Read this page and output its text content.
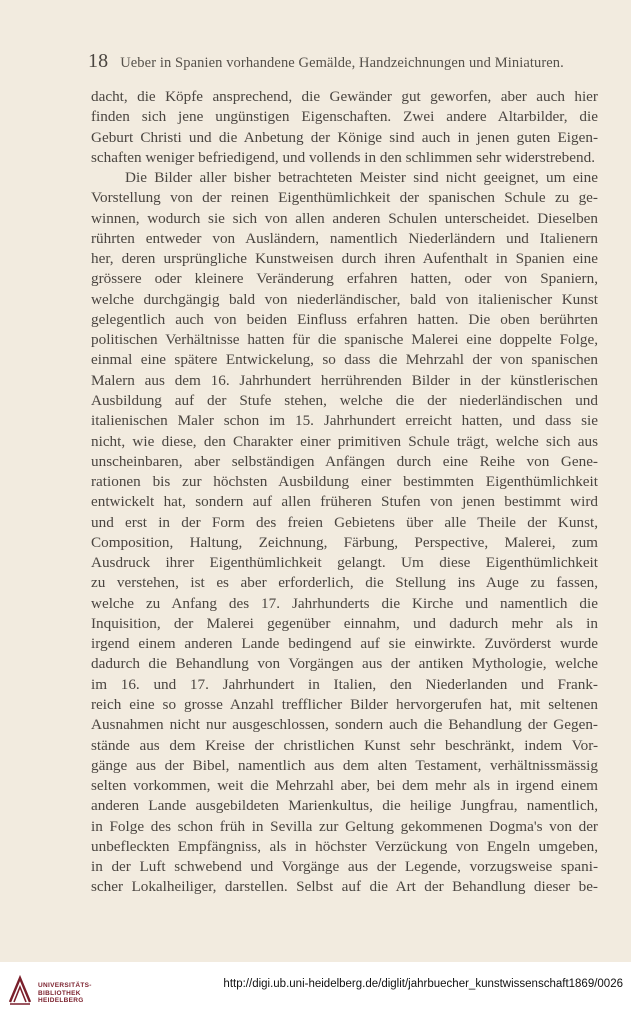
18 Ueber in Spanien vorhandene Gemälde, Handzeichnungen und Miniaturen.
dacht, die Köpfe ansprechend, die Gewänder gut geworfen, aber auch hier
finden sich jene ungünstigen Eigenschaften. Zwei andere Altarbilder, die
Geburt Christi und die Anbetung der Könige sind auch in jenen guten Eigen-
schaften weniger befriedigend, und vollends in den schlimmen sehr widerstrebend.
Die Bilder aller bisher betrachteten Meister sind nicht geeignet, um eine
Vorstellung von der reinen Eigenthümlichkeit der spanischen Schule zu ge-
winnen, wodurch sie sich von allen anderen Schulen unterscheidet. Dieselben
rührten entweder von Ausländern, namentlich Niederländern und Italienern
her, deren ursprüngliche Kunstweisen durch ihren Aufenthalt in Spanien eine
grössere oder kleinere Veränderung erfahren hatten, oder von Spaniern,
welche durchgängig bald von niederländischer, bald von italienischer Kunst
gelegentlich auch von beiden Einfluss erfahren hatten. Die oben berührten
politischen Verhältnisse hatten für die spanische Malerei eine doppelte Folge,
einmal eine spätere Entwickelung, so dass die Mehrzahl der von spanischen
Malern aus dem 16. Jahrhundert herrührenden Bilder in der künstlerischen
Ausbildung auf der Stufe stehen, welche die der niederländischen und
italienischen Maler schon im 15. Jahrhundert erreicht hatten, und dass sie
nicht, wie diese, den Charakter einer primitiven Schule trägt, welche sich aus
unscheinbaren, aber selbständigen Anfängen durch eine Reihe von Gene-
rationen bis zur höchsten Ausbildung einer bestimmten Eigenthümlichkeit
entwickelt hat, sondern auf allen früheren Stufen von jenen bestimmt wird
und erst in der Form des freien Gebietens über alle Theile der Kunst,
Composition, Haltung, Zeichnung, Färbung, Perspective, Malerei, zum
Ausdruck ihrer Eigenthümlichkeit gelangt. Um diese Eigenthümlichkeit
zu verstehen, ist es aber erforderlich, die Stellung ins Auge zu fassen,
welche zu Anfang des 17. Jahrhunderts die Kirche und namentlich die
Inquisition, der Malerei gegenüber einnahm, und dadurch mehr als in
irgend einem anderen Lande bedingend auf sie einwirkte. Zuvörderst wurde
dadurch die Behandlung von Vorgängen aus der antiken Mythologie, welche
im 16. und 17. Jahrhundert in Italien, den Niederlanden und Frank-
reich eine so grosse Anzahl trefflicher Bilder hervorgerufen hat, mit seltenen
Ausnahmen nicht nur ausgeschlossen, sondern auch die Behandlung der Gegen-
stände aus dem Kreise der christlichen Kunst sehr beschränkt, indem Vor-
gänge aus der Bibel, namentlich aus dem alten Testament, verhältnissmässig
selten vorkommen, weit die Mehrzahl aber, bei dem mehr als in irgend einem
anderen Lande ausgebildeten Marienkultus, die heilige Jungfrau, namentlich,
in Folge des schon früh in Sevilla zur Geltung gekommenen Dogma's von der
unbefleckten Empfängniss, als in höchster Verzückung von Engeln umgeben,
in der Luft schwebend und Vorgänge aus der Legende, vorzugsweise spani-
scher Lokalheiliger, darstellen. Selbst auf die Art der Behandlung dieser be-
UNIVERSITÄTS-
BIBLIOTHEK
HEIDELBERG
http://digi.ub.uni-heidelberg.de/diglit/jahrbuecher_kunstwissenschaft1869/0026
